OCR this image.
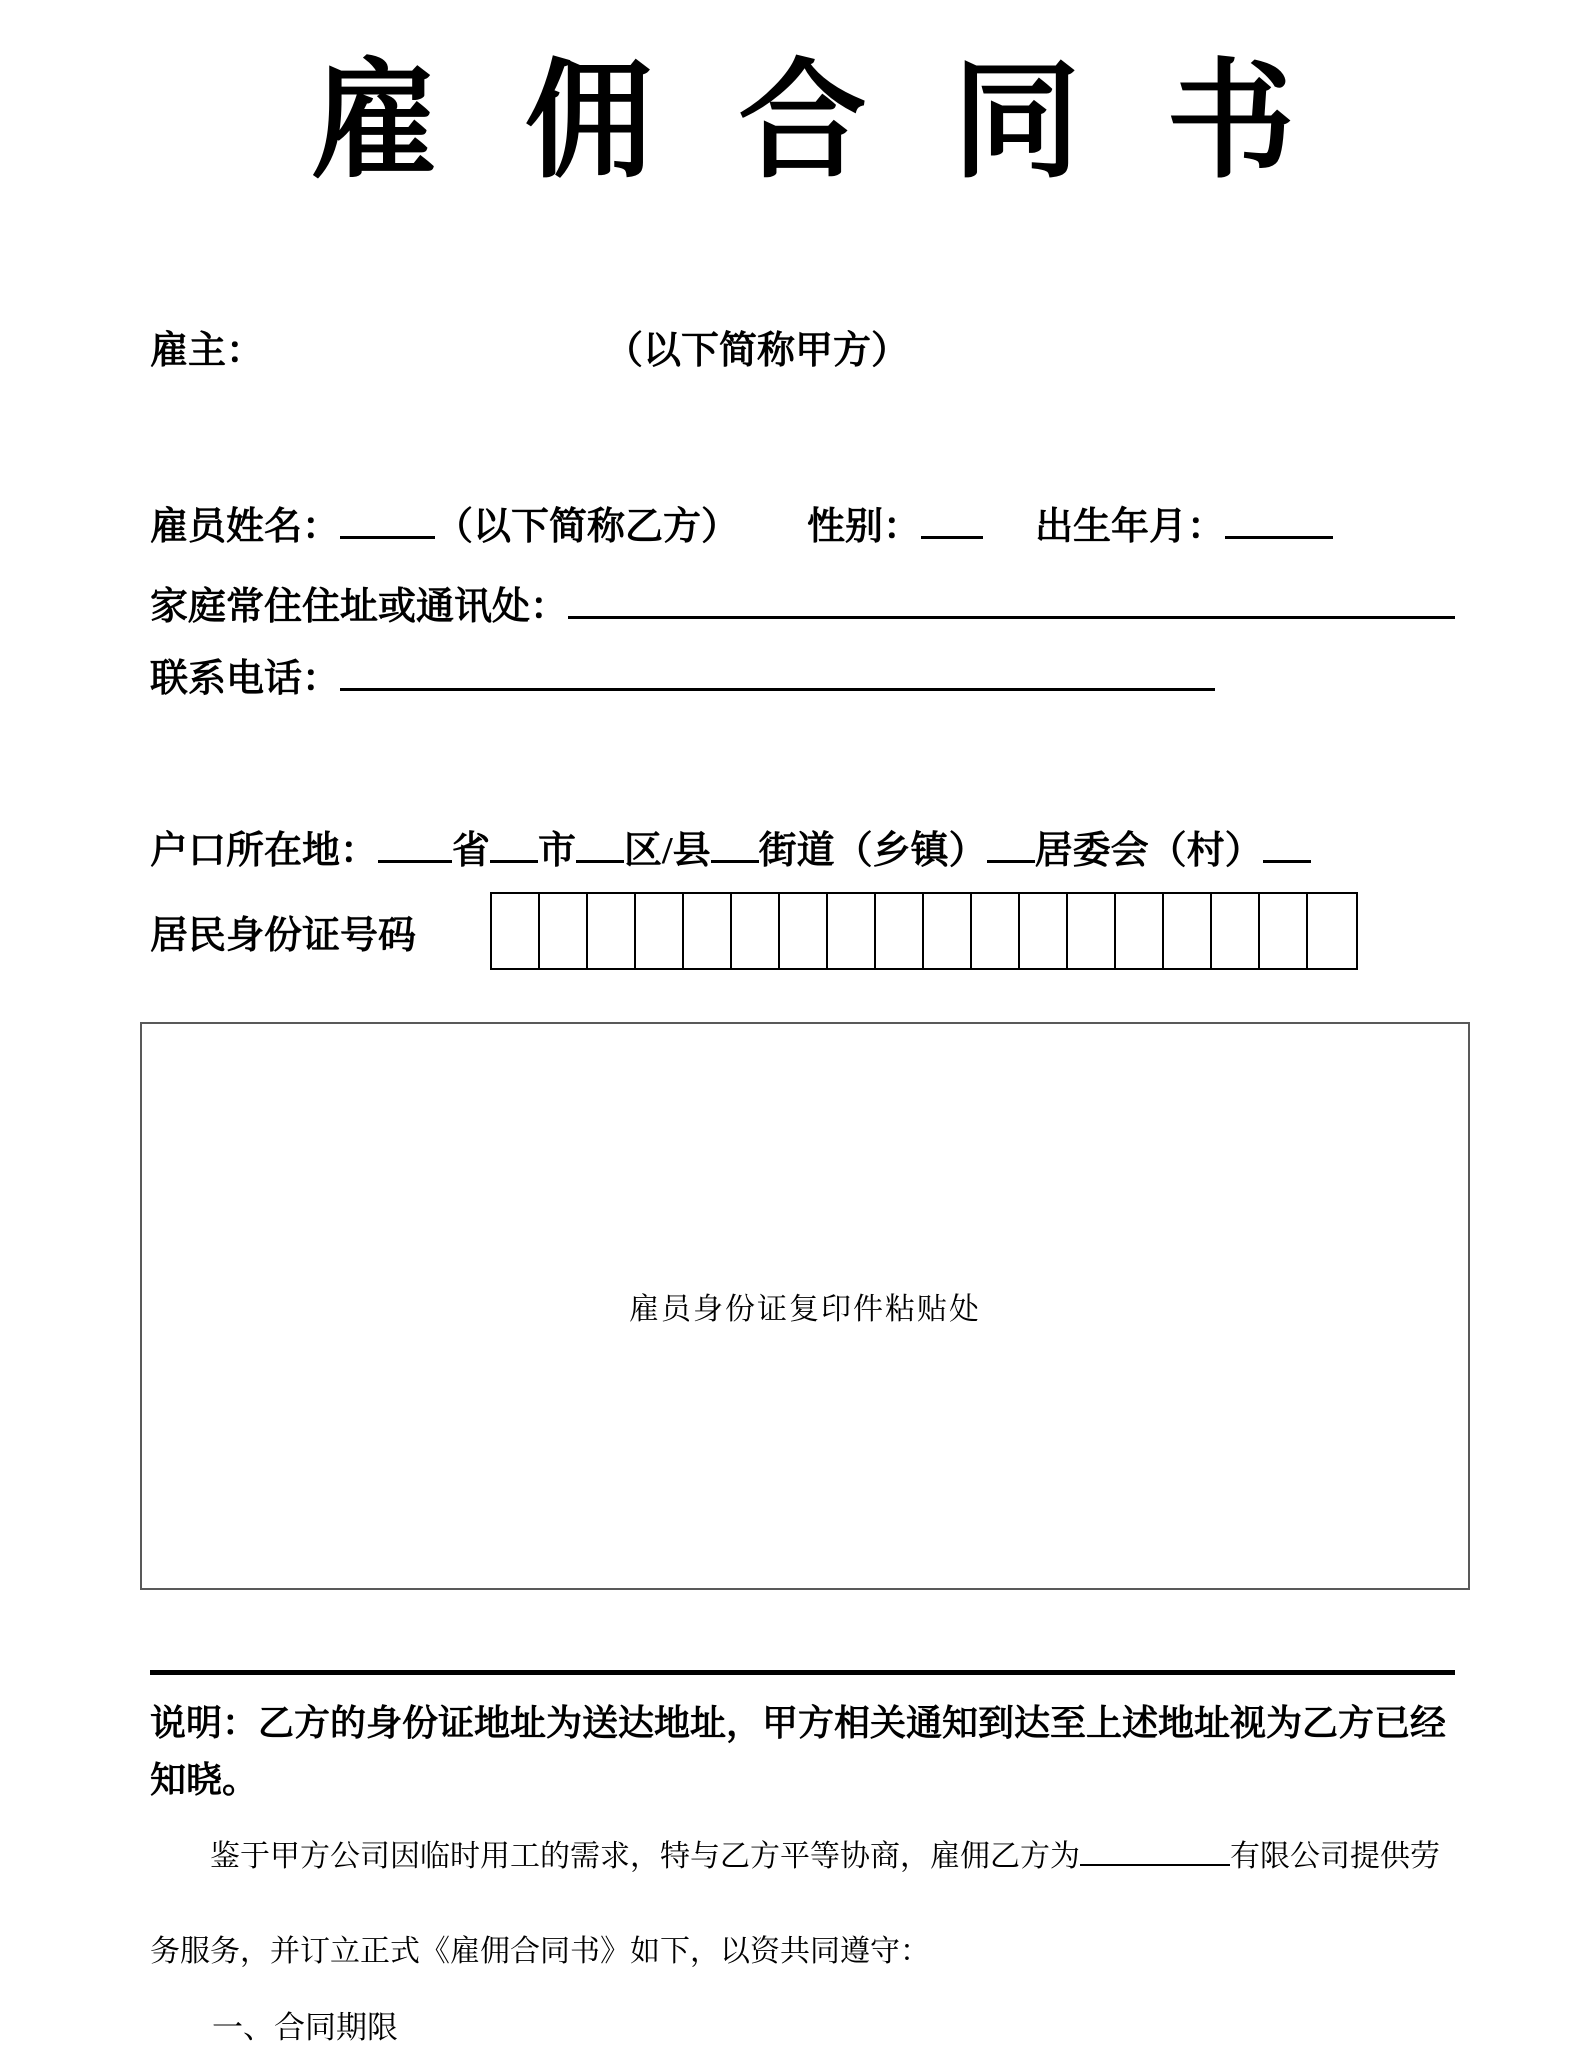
雇佣合同书
雇主：	（以下简称甲方）
雇员姓名：	（以下简称乙方） 性别：	出生年月：
家庭常住住址或通讯处：
联系电话：
户口所在地： 省 市 区/县 街道（乡镇） 居委会（村）
居民身份证号码
雇员身份证复印件粘贴处
说明：乙方的身份证地址为送达地址，甲方相关通知到达至上述地址视为乙方已经知晓。
鉴于甲方公司因临时用工的需求，特与乙方平等协商，雇佣乙方为	有限公司提供劳务服务，并订立正式《雇佣合同书》如下，以资共同遵守：
一、合同期限
